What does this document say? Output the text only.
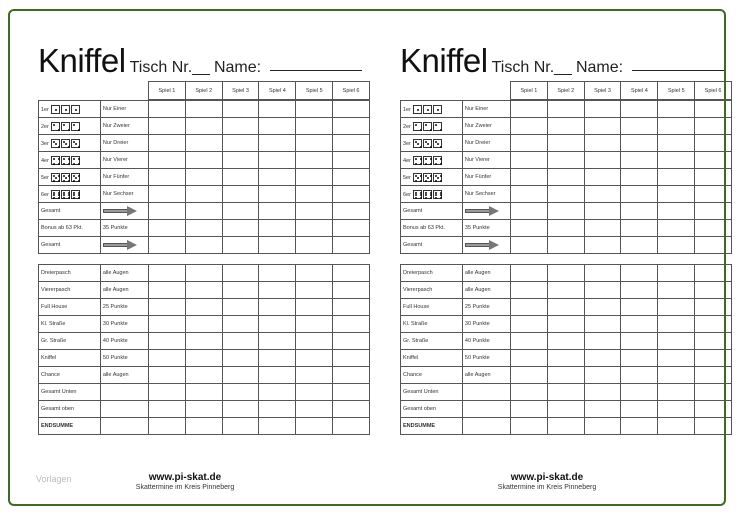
Vorlagen
Kniffel Tisch Nr.__ Name:
Spiel 1	Spiel 2	Spiel 3	Spiel 4	Spiel 5	Spiel 6
1er	Nur Einer						
2er	Nur Zweier						
3er	Nur Dreier						
4er	Nur Vierer						
5er	Nur Fünfer						
6er	Nur Sechser						
Gesamt							
Bonus ab 63 Pkt.	35 Punkte						
Gesamt							
Dreierpasch	alle Augen						
Viererpasch	alle Augen						
Full House	25 Punkte						
Kl. Straße	30 Punkte						
Gr. Straße	40 Punkte						
Kniffel	50 Punkte						
Chance	alle Augen						
Gesamt Unten							
Gesamt oben							
ENDSUMME							
www.pi-skat.de
Skattermine im Kreis Pinneberg
Kniffel Tisch Nr.__ Name:
Spiel 1	Spiel 2	Spiel 3	Spiel 4	Spiel 5	Spiel 6
1er	Nur Einer						
2er	Nur Zweier						
3er	Nur Dreier						
4er	Nur Vierer						
5er	Nur Fünfer						
6er	Nur Sechser						
Gesamt							
Bonus ab 63 Pkt.	35 Punkte						
Gesamt							
Dreierpasch	alle Augen						
Viererpasch	alle Augen						
Full House	25 Punkte						
Kl. Straße	30 Punkte						
Gr. Straße	40 Punkte						
Kniffel	50 Punkte						
Chance	alle Augen						
Gesamt Unten							
Gesamt oben							
ENDSUMME							
www.pi-skat.de
Skattermine im Kreis Pinneberg
